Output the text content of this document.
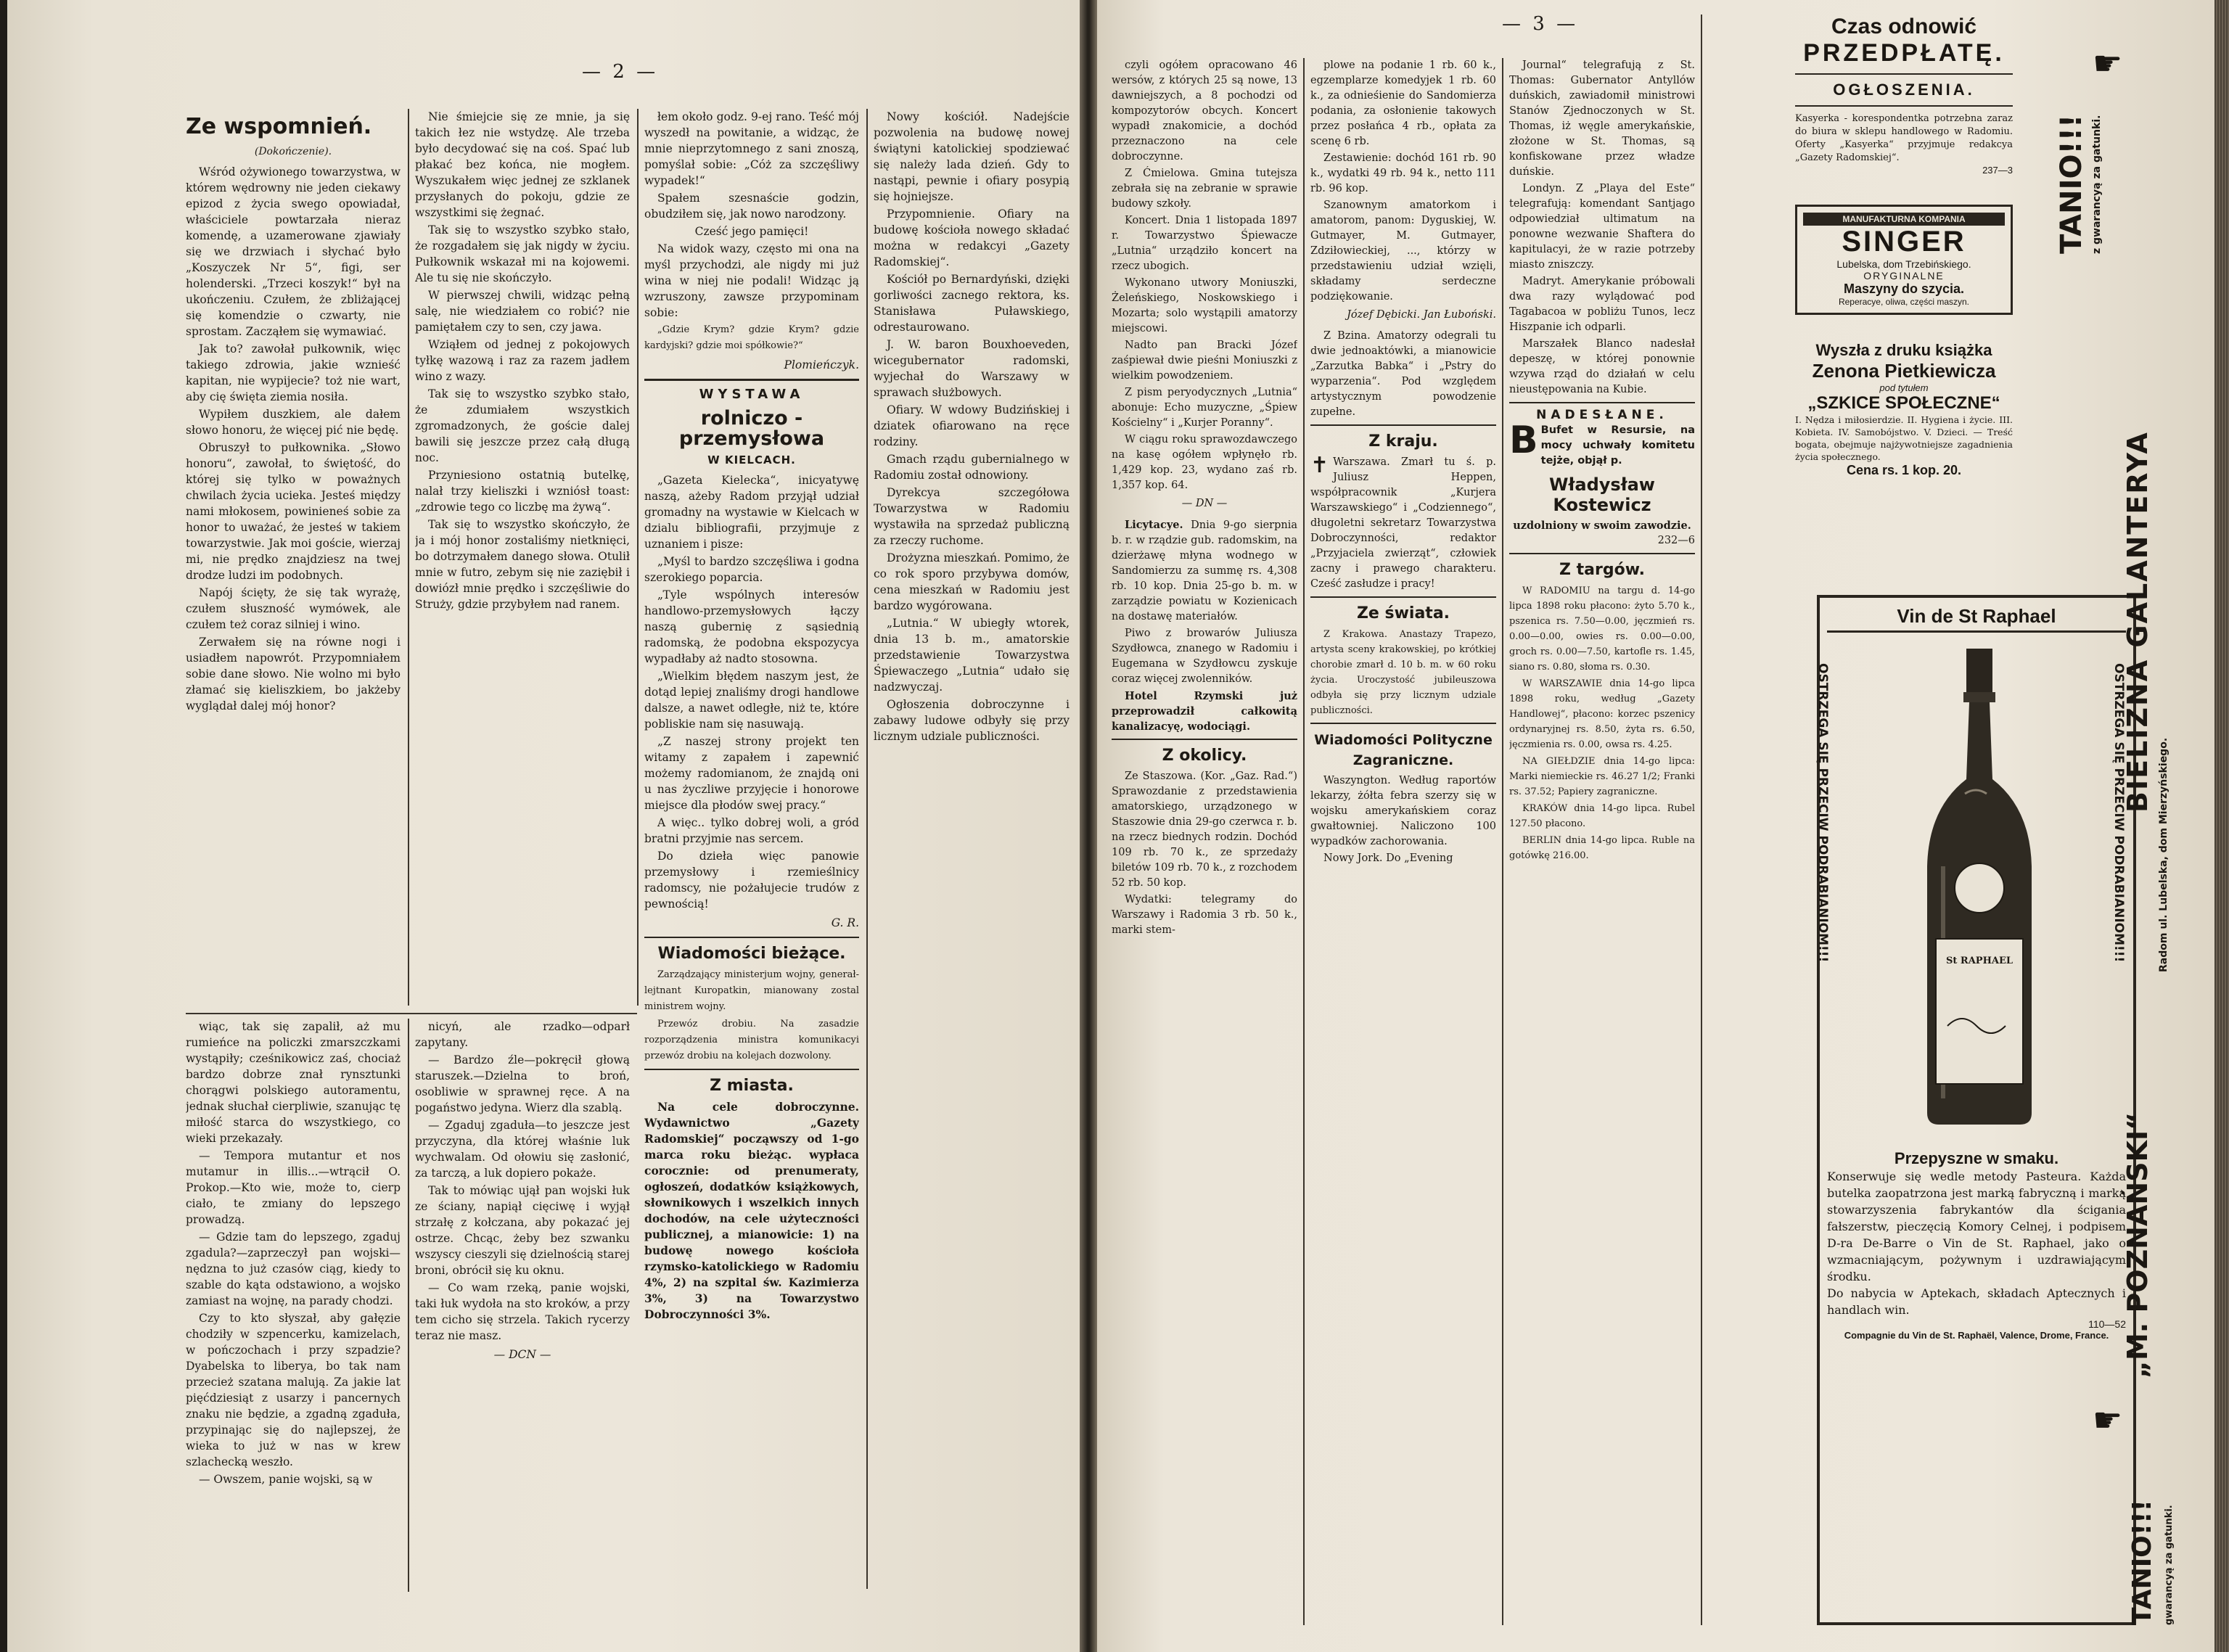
— 2 —
Ze wspomnień.
(Dokończenie).

Wśród ożywionego towarzystwa, w którem wędrowny nie jeden ciekawy epizod z życia swego opowiadał, właściciele powtarzała nieraz komendę, a uzamerowane zjawiały się we drzwiach i słychać było „Koszyczek Nr 5“, figi, ser holenderski. „Trzeci koszyk!“ był na ukończeniu. Czułem, że zbliżającej się komendzie o czwarty, nie sprostam. Zacząłem się wymawiać.

Jak to? zawołał pułkownik, więc takiego zdrowia, jakie wznieść kapitan, nie wypijecie? toż nie wart, aby cię święta ziemia nosiła.

Wypiłem duszkiem, ale dałem słowo honoru, że więcej pić nie będę.

Obruszył to pułkownika. „Słowo honoru“, zawołał, to świętość, do której się tylko w poważnych chwilach życia ucieka. Jesteś między nami młokosem, powinieneś sobie za honor to uważać, że jesteś w takiem towarzystwie. Jak moi goście, wierzaj mi, nie prędko znajdziesz na twej drodze ludzi im podobnych.

Napój ścięty, że się tak wyrażę, czułem słuszność wymówek, ale czułem też coraz silniej i wino.

Zerwałem się na równe nogi i usiadłem napowrót. Przypomniałem sobie dane słowo. Nie wolno mi było złamać się kieliszkiem, bo jakżeby wyglądał dalej mój honor?

Nie śmiejcie się ze mnie, ja się takich łez nie wstydzę. Ale trzeba było decydować się na coś. Spać lub płakać bez końca, nie mogłem. Wyszukałem więc jednej ze szklanek przysłanych do pokoju, gdzie ze wszystkimi się żegnać.

Tak się to wszystko szybko stało, że rozgadałem się jak nigdy w życiu. Pułkownik wskazał mi na kojowemi. Ale tu się nie skończyło.

W pierwszej chwili, widząc pełną salę, nie wiedziałem co robić? nie pamiętałem czy to sen, czy jawa.

Wziąłem od jednej z pokojowych tyłkę wazową i raz za razem jadłem wino z wazy.

Tak się to wszystko szybko stało, że zdumiałem wszystkich zgromadzonych, że goście dalej bawili się jeszcze przez całą długą noc.

Przyniesiono ostatnią butelkę, nalał trzy kieliszki i wzniósł toast: „zdrowie tego co liczbę ma żywą“.

Tak się to wszystko skończyło, że ja i mój honor zostaliśmy nietknięci, bo dotrzymałem danego słowa. Otulił mnie w futro, zebym się nie zaziębił i dowiózł mnie prędko i szczęśliwie do Struży, gdzie przybyłem nad ranem.

łem około godz. 9-ej rano. Teść mój wyszedł na powitanie, a widząc, że mnie nieprzytomnego z sani znoszą, pomyślał sobie: „Cóż za szczęśliwy wypadek!“

Spałem szesnaście godzin, obudziłem się, jak nowo narodzony.

Cześć jego pamięci!

Na widok wazy, często mi ona na myśl przychodzi, ale nigdy mi już wina w niej nie podali! Widząc ją wzruszony, zawsze przypominam sobie:

„Gdzie Krym? gdzie Krym? gdzie kardyjski? gdzie moi spółkowie?“

Plomieńczyk.
WYSTAWA
rolniczo - przemysłowa
W KIELCACH.

„Gazeta Kielecka“, inicyatywę naszą, ażeby Radom przyjął udział gromadny na wystawie w Kielcach w dzialu bibliografii, przyjmuje z uznaniem i pisze:

„Myśl to bardzo szczęśliwa i godna szerokiego poparcia.

„Tyle wspólnych interesów handlowo-przemysłowych łączy naszą gubernię z sąsiednią radomską, że podobna ekspozycya wypadłaby aż nadto stosowna.

„Wielkim błędem naszym jest, że dotąd lepiej znaliśmy drogi handlowe dalsze, a nawet odległe, niż te, które pobliskie nam się nasuwają.

„Z naszej strony projekt ten witamy z zapałem i zapewnić możemy radomianom, że znajdą oni u nas życzliwe przyjęcie i honorowe miejsce dla płodów swej pracy.“

A więc.. tylko dobrej woli, a gród bratni przyjmie nas sercem.

Do dzieła więc panowie przemysłowy i rzemieślnicy radomscy, nie pożałujecie trudów z pewnością!

G. R.
Wiadomości bieżące.

Zarządzający ministerjum wojny, generał-lejtnant Kuropatkin, mianowany zostal ministrem wojny.

Przewóz drobiu. Na zasadzie rozporządzenia ministra komunikacyi przewóz drobiu na kolejach dozwolony.

Z miasta.

Na cele dobroczynne. Wydawnictwo „Gazety Radomskiej“ począwszy od 1-go marca roku bieżąc. wypłaca corocznie: od prenumeraty, ogłoszeń, dodatków książkowych, słownikowych i wszelkich innych dochodów, na cele użyteczności publicznej, a mianowicie: 1) na budowę nowego kościoła rzymsko-katolickiego w Radomiu 4%, 2) na szpital św. Kazimierza 3%, 3) na Towarzystwo Dobroczynności 3%.

Nowy kościół. Nadejście pozwolenia na budowę nowej świątyni katolickiej spodziewać się należy lada dzień. Gdy to nastąpi, pewnie i ofiary posypią się hojniejsze.

Przypomnienie. Ofiary na budowę kościoła nowego składać można w redakcyi „Gazety Radomskiej“.

Kościół po Bernardyński, dzięki gorliwości zacnego rektora, ks. Stanisława Puławskiego, odrestaurowano.

J. W. baron Bouxhoeveden, wicegubernator radomski, wyjechał do Warszawy w sprawach służbowych.

Ofiary. W wdowy Budzińskiej i dziatek ofiarowano na ręce rodziny.

Gmach rządu gubernialnego w Radomiu został odnowiony.

Dyrekcya szczegółowa Towarzystwa w Radomiu wystawiła na sprzedaż publiczną za rzeczy ruchome.

Drożyzna mieszkań. Pomimo, że co rok sporo przybywa domów, cena mieszkań w Radomiu jest bardzo wygórowana.

„Lutnia.“ W ubiegły wtorek, dnia 13 b. m., amatorskie przedstawienie Towarzystwa Śpiewaczego „Lutnia“ udało się nadzwyczaj.

Ogłoszenia dobroczynne i zabawy ludowe odbyły się przy licznym udziale publiczności.

wiąc, tak się zapalił, aż mu rumieńce na policzki zmarszczkami wystąpiły; cześnikowicz zaś, chociaż bardzo dobrze znał rynsztunki chorągwi polskiego autoramentu, jednak słuchał cierpliwie, szanując tę miłość starca do wszystkiego, co wieki przekazały.

— Tempora mutantur et nos mutamur in illis...—wtrącił O. Prokop.—Kto wie, może to, cierp ciało, te zmiany do lepszego prowadzą.

— Gdzie tam do lepszego, zgaduj zgadula?—zaprzeczył pan wojski—nędzna to już czasów ciąg, kiedy to szable do kąta odstawiono, a wojsko zamiast na wojnę, na parady chodzi.

Czy to kto słyszał, aby gałęzie chodziły w szpencerku, kamizelach, w pończochach i przy szpadzie? Dyabelska to liberya, bo tak nam przecież szatana malują. Za jakie lat pięćdziesiąt z usarzy i pancernych znaku nie będzie, a zgadną zgaduła, przypinając się do najlepszej, że wieka to już w nas w krew szlachecką weszło.

— Owszem, panie wojski, są w

nicyń, ale rzadko—odparł zapytany.

— Bardzo źle—pokręcił głową staruszek.—Dzielna to broń, osobliwie w sprawnej ręce. A na pogaństwo jedyna. Wierz dla szablą.

— Zgaduj zgaduła—to jeszcze jest przyczyna, dla której właśnie luk wychwalam. Od ołowiu się zasłonić, za tarczą, a luk dopiero pokaże.

Tak to mówiąc ujął pan wojski łuk ze ściany, napiął cięciwę i wyjął strzałę z kołczana, aby pokazać jej ostrze. Chcąc, żeby bez szwanku wszyscy cieszyli się dzielnością starej broni, obrócił się ku oknu.

— Co wam rzeką, panie wojski, taki łuk wydoła na sto kroków, a przy tem cicho się strzela. Takich rycerzy teraz nie masz.

— DCN —
— 3 —

czyli ogółem opracowano 46 wersów, z których 25 są nowe, 13 dawniejszych, a 8 pochodzi od kompozytorów obcych. Koncert wypadł znakomicie, a dochód przeznaczono na cele dobroczynne.

Z Ćmielowa. Gmina tutejsza zebrała się na zebranie w sprawie budowy szkoły.

Koncert. Dnia 1 listopada 1897 r. Towarzystwo Śpiewacze „Lutnia“ urządziło koncert na rzecz ubogich.

Wykonano utwory Moniuszki, Żeleńskiego, Noskowskiego i Mozarta; solo wystąpili amatorzy miejscowi.

Nadto pan Bracki Józef zaśpiewał dwie pieśni Moniuszki z wielkim powodzeniem.

Z pism peryodycznych „Lutnia“ abonuje: Echo muzyczne, „Śpiew Kościelny“ i „Kurjer Poranny“.

W ciągu roku sprawozdawczego na kasę ogółem wpłynęło rb. 1,429 kop. 23, wydano zaś rb. 1,357 kop. 64.

— DN —

Licytacye. Dnia 9-go sierpnia b. r. w rządzie gub. radomskim, na dzierżawę młyna wodnego w Sandomierzu za summę rs. 4,308 rb. 10 kop. Dnia 25-go b. m. w zarządzie powiatu w Kozienicach na dostawę materiałów.

Piwo z browarów Juliusza Szydłowca, znanego w Radomiu i Eugemana w Szydłowcu zyskuje coraz więcej zwolenników.

Hotel Rzymski już przeprowadził całkowitą kanalizacyę, wodociągi.

Z okolicy.

Ze Staszowa. (Kor. „Gaz. Rad.“) Sprawozdanie z przedstawienia amatorskiego, urządzonego w Staszowie dnia 29-go czerwca r. b. na rzecz biednych rodzin. Dochód 109 rb. 70 k., ze sprzedaży biletów 109 rb. 70 k., z rozchodem 52 rb. 50 kop.

Wydatki: telegramy do Warszawy i Radomia 3 rb. 50 k., marki stem-

plowe na podanie 1 rb. 60 k., egzemplarze komedyjek 1 rb. 60 k., za odnieśienie do Sandomierza podania, za osłonienie takowych przez posłańca 4 rb., opłata za scenę 6 rb.

Zestawienie: dochód 161 rb. 90 k., wydatki 49 rb. 94 k., netto 111 rb. 96 kop.

Szanownym amatorkom i amatorom, panom: Dyguskiej, W. Gutmayer, M. Gutmayer, Zdziłowieckiej, ..., którzy w przedstawieniu udział wzięli, składamy serdeczne podziękowanie.

Józef Dębicki. Jan Łuboński.

Z Bzina. Amatorzy odegrali tu dwie jednoaktówki, a mianowicie „Zarzutka Babka“ i „Pstry do wyparzenia“. Pod względem artystycznym powodzenie zupełne.

Z kraju.

✝ Warszawa. Zmarł tu ś. p. Juliusz Heppen, współpracownik „Kurjera Warszawskiego“ i „Codziennego“, długoletni sekretarz Towarzystwa Dobroczynności, redaktor „Przyjaciela zwierząt“, człowiek zacny i prawego charakteru. Cześć zasłudze i pracy!

Ze świata.

Z Krakowa. Anastazy Trapezo, artysta sceny krakowskiej, po krótkiej chorobie zmarł d. 10 b. m. w 60 roku życia. Uroczystość jubileuszowa odbyła się przy licznym udziale publiczności.

Wiadomości Polityczne Zagraniczne.

Waszyngton. Według raportów lekarzy, żółta febra szerzy się w wojsku amerykańskiem coraz gwałtowniej. Naliczono 100 wypadków zachorowania.

Nowy Jork. Do „Evening

Journal“ telegrafują z St. Thomas: Gubernator Antyllów duńskich, zawiadomił ministrowi Stanów Zjednoczonych w St. Thomas, iż węgle amerykańskie, złożone w St. Thomas, są konfiskowane przez władze duńskie.

Londyn. Z „Playa del Este“ telegrafują: komendant Santjago odpowiedział ultimatum na ponowne wezwanie Shaftera do kapitulacyi, że w razie potrzeby miasto zniszczy.

Madryt. Amerykanie próbowali dwa razy wylądować pod Tagabacoa w pobliżu Tunos, lecz Hiszpanie ich odparli.

Marszałek Blanco nadesłał depeszę, w której ponownie wzywa rząd do działań w celu nieustępowania na Kubie.

NADESŁANE.

B Bufet w Resursie, na mocy uchwały komitetu tejże, objął p.

Władysław Kostewicz
uzdolniony w swoim zawodzie.
232—6
Z targów.

W RADOMIU na targu d. 14-go lipca 1898 roku płacono: żyto 5.70 k., pszenica rs. 7.50—0.00, jęczmień rs. 0.00—0.00, owies rs. 0.00—0.00, groch rs. 0.00—7.50, kartofle rs. 1.45, siano rs. 0.80, słoma rs. 0.30.

W WARSZAWIE dnia 14-go lipca 1898 roku, według „Gazety Handlowej“, płacono: korzec pszenicy ordynaryjnej rs. 8.50, żyta rs. 6.50, jęczmienia rs. 0.00, owsa rs. 4.25.

NA GIEŁDZIE dnia 14-go lipca: Marki niemieckie rs. 46.27 1/2; Franki rs. 37.52; Papiery zagraniczne.

KRAKÓW dnia 14-go lipca. Rubel 127.50 płacono.

BERLIN dnia 14-go lipca. Ruble na gotówkę 216.00.

Czas odnowić
PRZEDPŁATĘ.
OGŁOSZENIA.
Kasyerka - korespondentka potrzebna zaraz do biura w sklepu handlowego w Radomiu. Oferty „Kasyerka“ przyjmuje redakcya „Gazety Radomskiej“.
237—3
MANUFAKTURNA KOMPANIA
SINGER
Lubelska, dom Trzebińskiego.
ORYGINALNE
Maszyny do szycia.
Reperacye, oliwa, części maszyn.
Wyszła z druku książka
Zenona Pietkiewicza
pod tytułem
„SZKICE SPOŁECZNE“
I. Nędza i miłosierdzie. II. Hygiena i życie. III. Kobieta. IV. Samobójstwo. V. Dzieci. — Treść bogata, obejmuje najżywotniejsze zagadnienia życia społecznego.
Cena rs. 1 kop. 20.
Vin de St Raphael
St RAPHAEL
OSTRZEGA SIĘ PRZECIW PODRABIANIOM!!!	OSTRZEGA SIĘ PRZECIW PODRABIANIOM!!!
Przepyszne w smaku.
Konserwuje się wedle metody Pasteura. Każda butelka zaopatrzona jest marką fabryczną i marką stowarzyszenia fabrykantów dla ścigania fałszerstw, pieczęcią Komory Celnej, i podpisem D-ra De-Barre o Vin de St. Raphael, jako o wzmacniającym, pożywnym i uzdrawiającym środku.
Do nabycia w Aptekach, składach Aptecznych i handlach win.
110—52
Compagnie du Vin de St. Raphaël, Valence, Drome, France.
TANIO!!! z gwarancyą za gatunki.
BIELIZNA GALANTERYA
Radom ul. Lubelska, dom Mierzyńskiego.
„M. POZNAŃSKI“
TANIO!!! gwarancyą za gatunki.
☛
☛
